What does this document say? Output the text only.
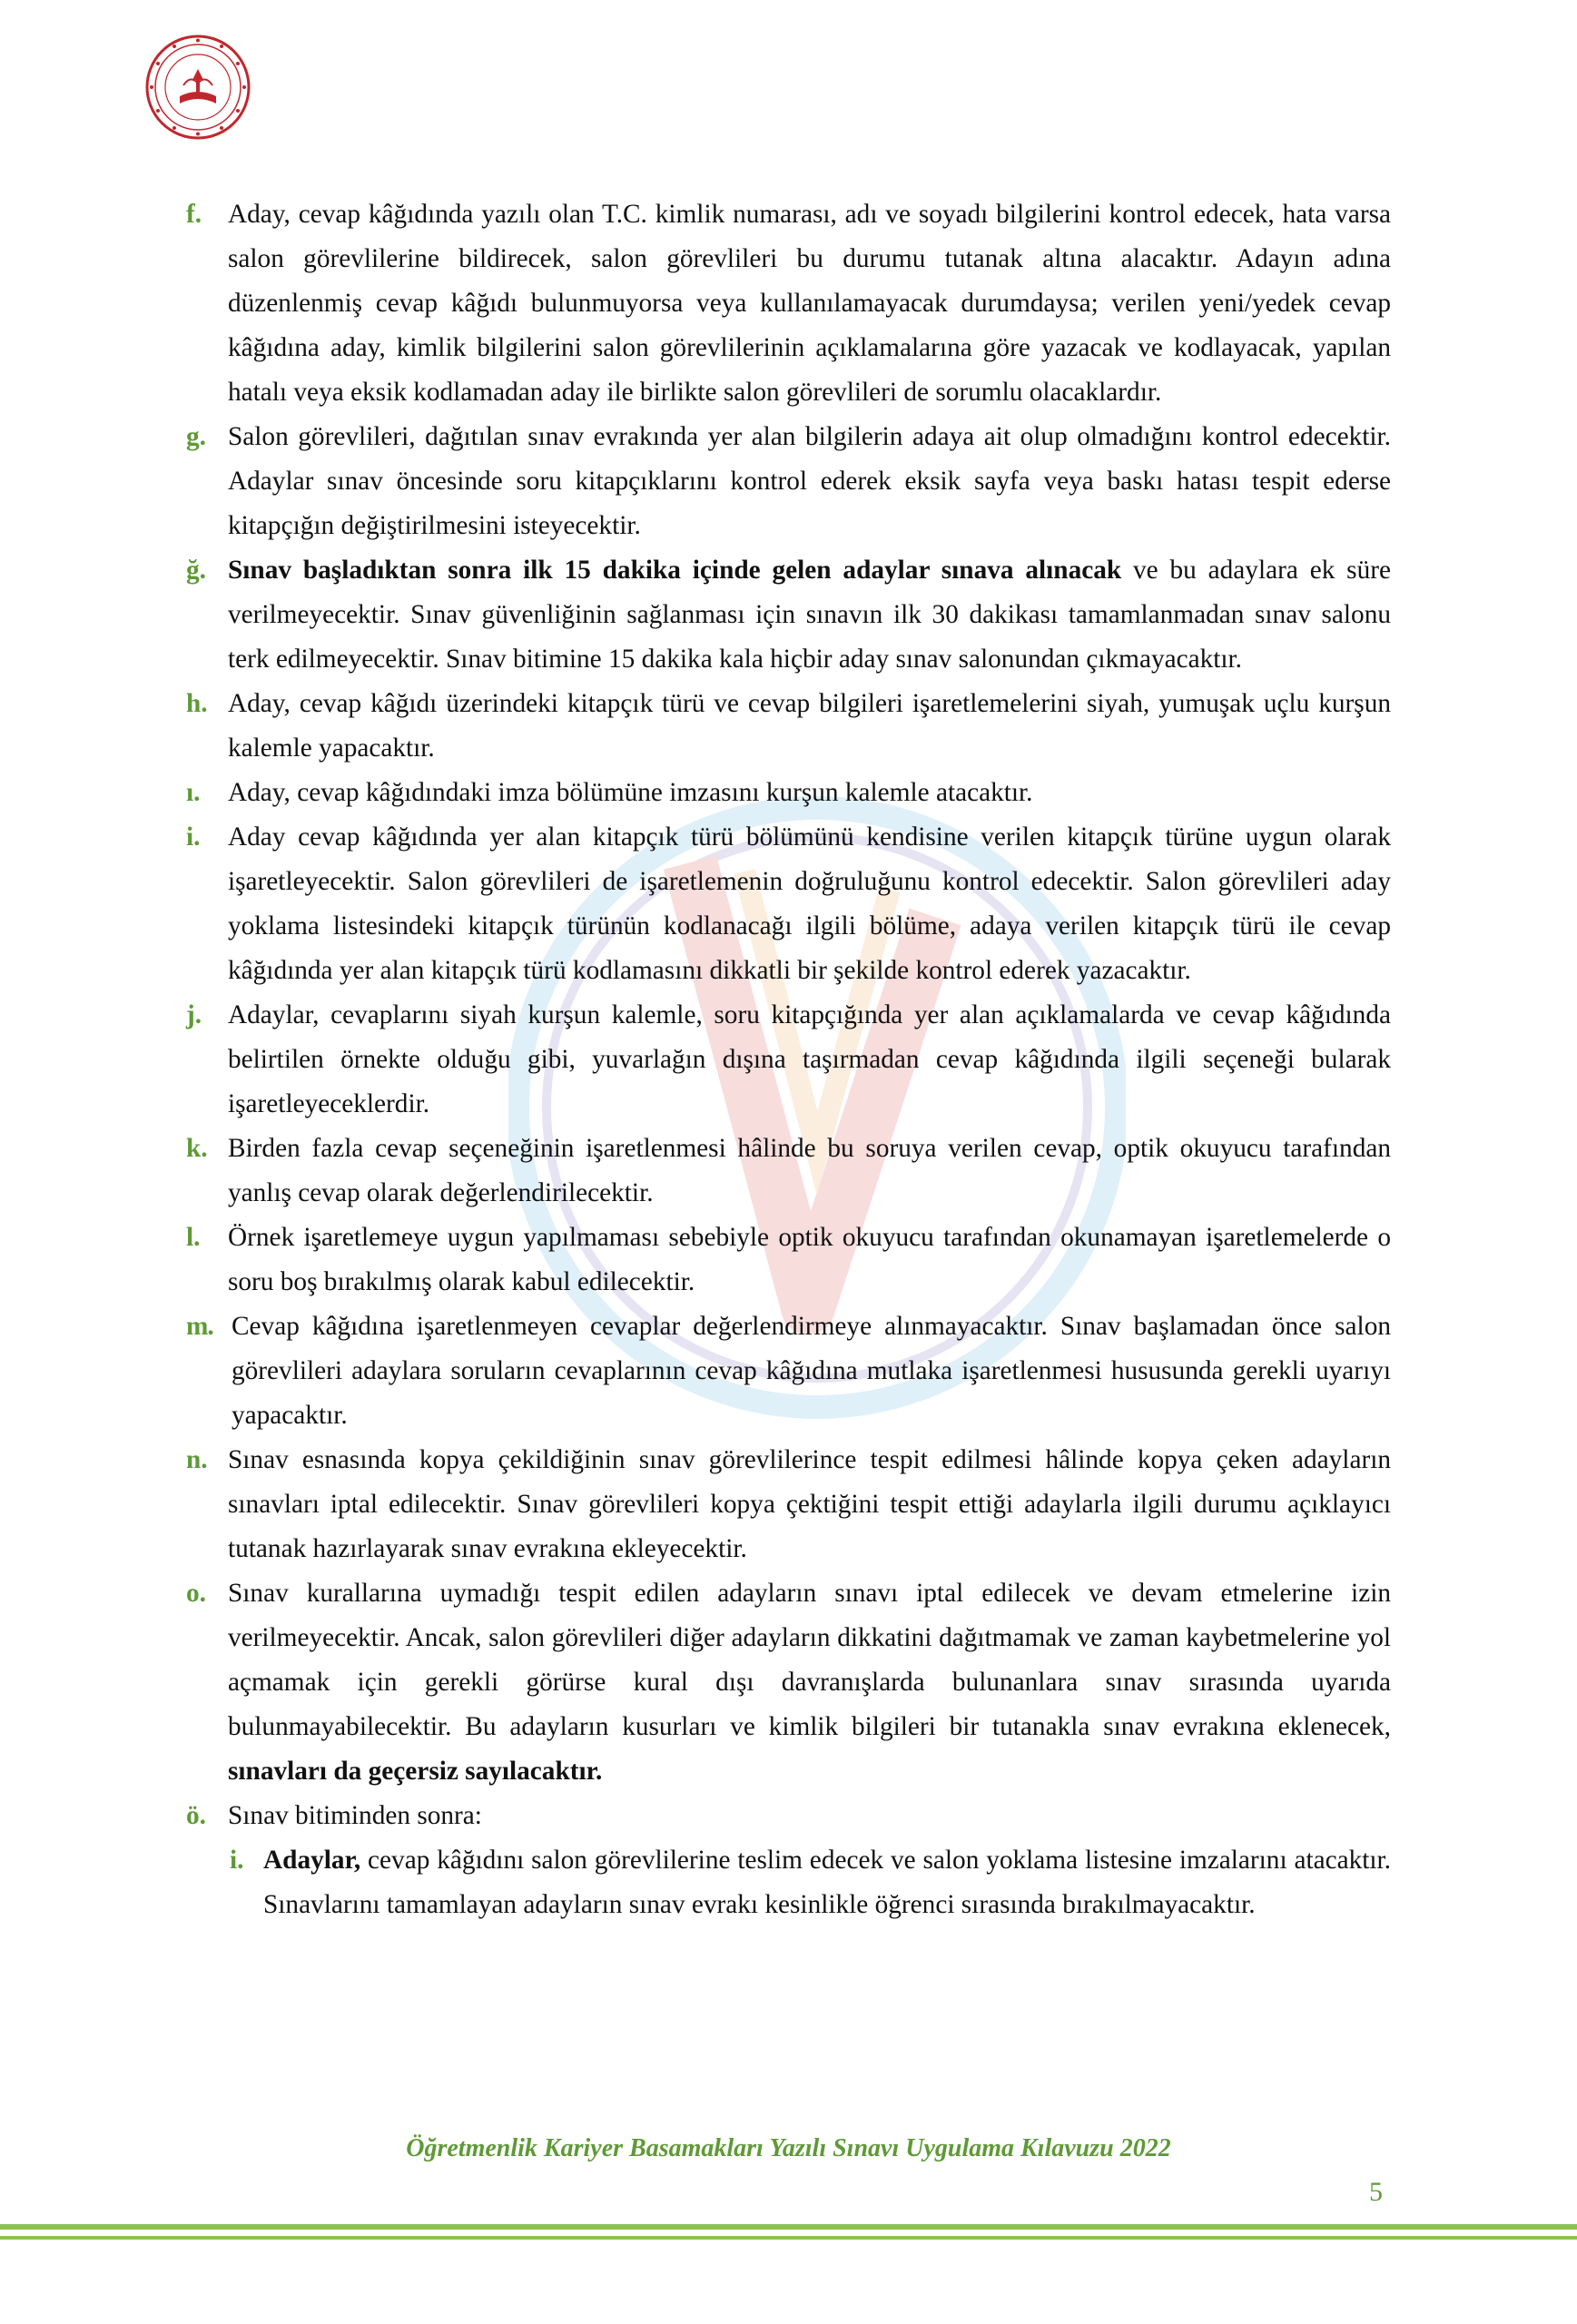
f. Aday, cevap kâğıdında yazılı olan T.C. kimlik numarası, adı ve soyadı bilgilerini kontrol edecek, hata varsa salon görevlilerine bildirecek, salon görevlileri bu durumu tutanak altına alacaktır. Adayın adına düzenlenmiş cevap kâğıdı bulunmuyorsa veya kullanılamayacak durumdaysa; verilen yeni/yedek cevap kâğıdına aday, kimlik bilgilerini salon görevlilerinin açıklamalarına göre yazacak ve kodlayacak, yapılan hatalı veya eksik kodlamadan aday ile birlikte salon görevlileri de sorumlu olacaklardır.
g. Salon görevlileri, dağıtılan sınav evrakında yer alan bilgilerin adaya ait olup olmadığını kontrol edecektir. Adaylar sınav öncesinde soru kitapçıklarını kontrol ederek eksik sayfa veya baskı hatası tespit ederse kitapçığın değiştirilmesini isteyecektir.
ğ. Sınav başladıktan sonra ilk 15 dakika içinde gelen adaylar sınava alınacak ve bu adaylara ek süre verilmeyecektir. Sınav güvenliğinin sağlanması için sınavın ilk 30 dakikası tamamlanmadan sınav salonu terk edilmeyecektir. Sınav bitimine 15 dakika kala hiçbir aday sınav salonundan çıkmayacaktır.
h. Aday, cevap kâğıdı üzerindeki kitapçık türü ve cevap bilgileri işaretlemelerini siyah, yumuşak uçlu kurşun kalemle yapacaktır.
ı. Aday, cevap kâğıdındaki imza bölümüne imzasını kurşun kalemle atacaktır.
i. Aday cevap kâğıdında yer alan kitapçık türü bölümünü kendisine verilen kitapçık türüne uygun olarak işaretleyecektir. Salon görevlileri de işaretlemenin doğruluğunu kontrol edecektir. Salon görevlileri aday yoklama listesindeki kitapçık türünün kodlanacağı ilgili bölüme, adaya verilen kitapçık türü ile cevap kâğıdında yer alan kitapçık türü kodlamasını dikkatli bir şekilde kontrol ederek yazacaktır.
j. Adaylar, cevaplarını siyah kurşun kalemle, soru kitapçığında yer alan açıklamalarda ve cevap kâğıdında belirtilen örnekte olduğu gibi, yuvarlağın dışına taşırmadan cevap kâğıdında ilgili seçeneği bularak işaretleyeceklerdir.
k. Birden fazla cevap seçeneğinin işaretlenmesi hâlinde bu soruya verilen cevap, optik okuyucu tarafından yanlış cevap olarak değerlendirilecektir.
l. Örnek işaretlemeye uygun yapılmaması sebebiyle optik okuyucu tarafından okunamayan işaretlemelerde o soru boş bırakılmış olarak kabul edilecektir.
m. Cevap kâğıdına işaretlenmeyen cevaplar değerlendirmeye alınmayacaktır. Sınav başlamadan önce salon görevlileri adaylara soruların cevaplarının cevap kâğıdına mutlaka işaretlenmesi hususunda gerekli uyarıyı yapacaktır.
n. Sınav esnasında kopya çekildiğinin sınav görevlilerince tespit edilmesi hâlinde kopya çeken adayların sınavları iptal edilecektir. Sınav görevlileri kopya çektiğini tespit ettiği adaylarla ilgili durumu açıklayıcı tutanak hazırlayarak sınav evrakına ekleyecektir.
o. Sınav kurallarına uymadığı tespit edilen adayların sınavı iptal edilecek ve devam etmelerine izin verilmeyecektir. Ancak, salon görevlileri diğer adayların dikkatini dağıtmamak ve zaman kaybetmelerine yol açmamak için gerekli görürse kural dışı davranışlarda bulunanlara sınav sırasında uyarıda bulunmayabilecektir. Bu adayların kusurları ve kimlik bilgileri bir tutanakla sınav evrakına eklenecek, sınavları da geçersiz sayılacaktır.
ö. Sınav bitiminden sonra:
i. Adaylar, cevap kâğıdını salon görevlilerine teslim edecek ve salon yoklama listesine imzalarını atacaktır. Sınavlarını tamamlayan adayların sınav evrakı kesinlikle öğrenci sırasında bırakılmayacaktır.
Öğretmenlik Kariyer Basamakları Yazılı Sınavı Uygulama Kılavuzu 2022
5
